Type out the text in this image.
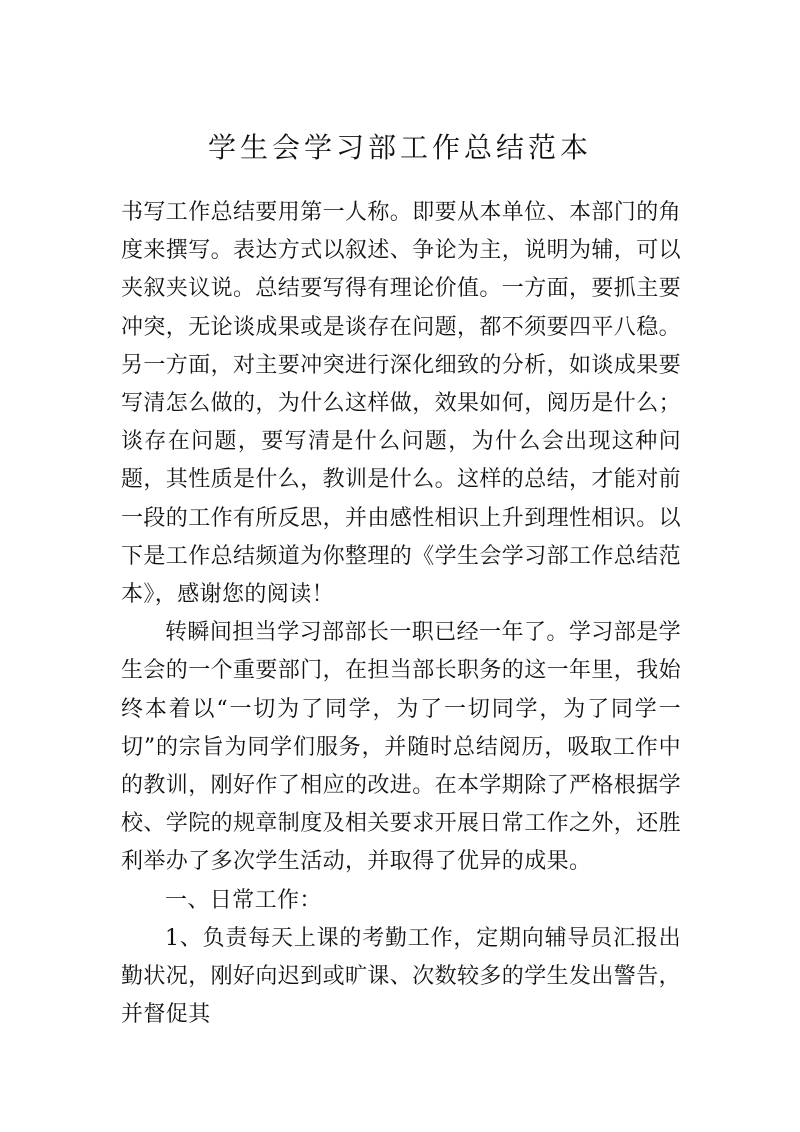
学生会学习部工作总结范本

书写工作总结要用第一人称。即要从本单位、本部门的角度来撰写。表达方式以叙述、争论为主，说明为辅，可以夹叙夹议说。总结要写得有理论价值。一方面，要抓主要冲突，无论谈成果或是谈存在问题，都不须要四平八稳。另一方面，对主要冲突进行深化细致的分析，如谈成果要写清怎么做的，为什么这样做，效果如何，阅历是什么；谈存在问题，要写清是什么问题，为什么会出现这种问题，其性质是什么，教训是什么。这样的总结，才能对前一段的工作有所反思，并由感性相识上升到理性相识。以下是工作总结频道为你整理的《学生会学习部工作总结范本》，感谢您的阅读！

转瞬间担当学习部部长一职已经一年了。学习部是学生会的一个重要部门，在担当部长职务的这一年里，我始终本着以“一切为了同学，为了一切同学，为了同学一切”的宗旨为同学们服务，并随时总结阅历，吸取工作中的教训，刚好作了相应的改进。在本学期除了严格根据学校、学院的规章制度及相关要求开展日常工作之外，还胜利举办了多次学生活动，并取得了优异的成果。

一、日常工作：

1、负责每天上课的考勤工作，定期向辅导员汇报出勤状况，刚好向迟到或旷课、次数较多的学生发出警告，并督促其
